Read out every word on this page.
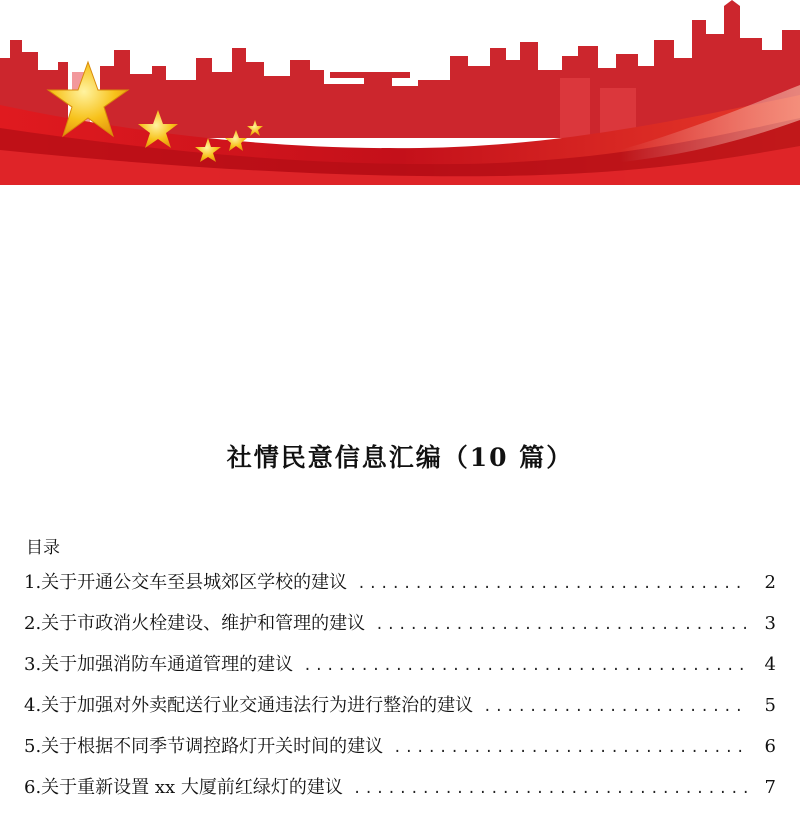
社情民意信息汇编（10 篇）
目录
1.关于开通公交车至县城郊区学校的建议 .....	2
2.关于市政消火栓建设、维护和管理的建议 .....	3
3.关于加强消防车通道管理的建议 .....	4
4.关于加强对外卖配送行业交通违法行为进行整治的建议 .....	5
5.关于根据不同季节调控路灯开关时间的建议 .....	6
6.关于重新设置 xx 大厦前红绿灯的建议 .....	7
